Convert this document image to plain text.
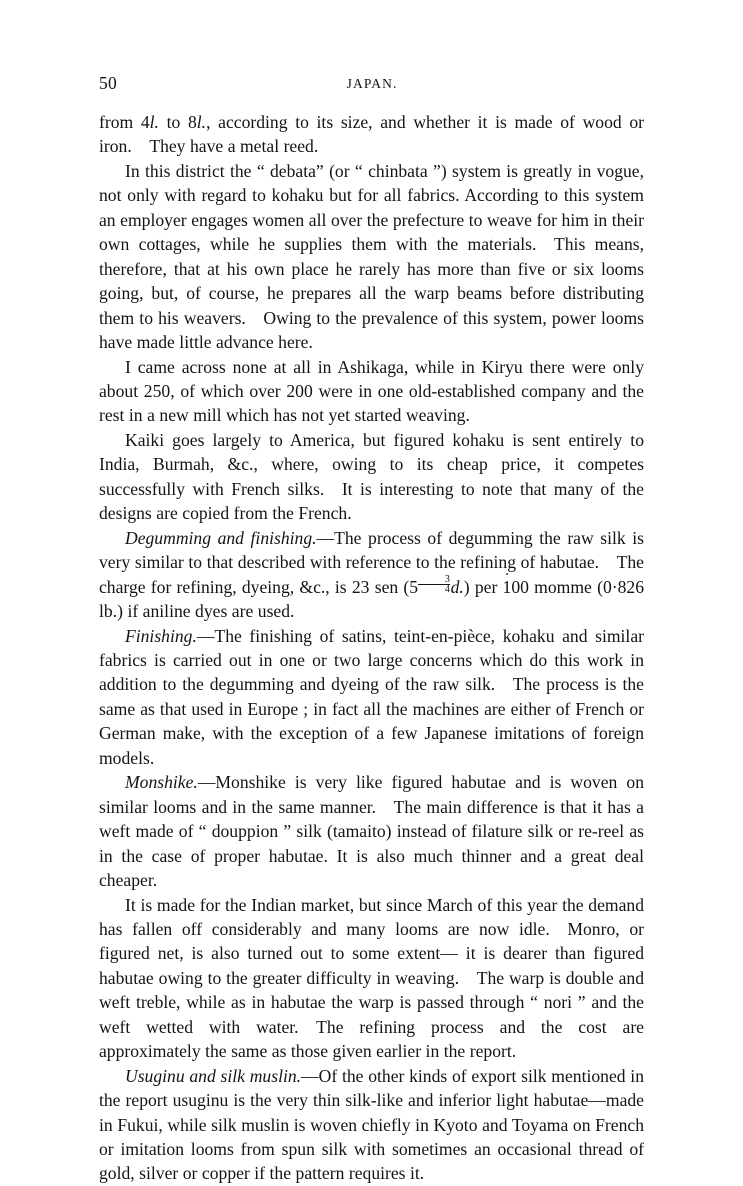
50	JAPAN.

from 4l. to 8l., according to its size, and whether it is made of wood or iron. They have a metal reed.

In this district the “ debata” (or “ chinbata ”) system is greatly in vogue, not only with regard to kohaku but for all fabrics. According to this system an employer engages women all over the prefecture to weave for him in their own cottages, while he supplies them with the materials. This means, therefore, that at his own place he rarely has more than five or six looms going, but, of course, he prepares all the warp beams before distributing them to his weavers. Owing to the prevalence of this system, power looms have made little advance here.

I came across none at all in Ashikaga, while in Kiryu there were only about 250, of which over 200 were in one old-established company and the rest in a new mill which has not yet started weaving.

Kaiki goes largely to America, but figured kohaku is sent entirely to India, Burmah, &c., where, owing to its cheap price, it competes successfully with French silks. It is interesting to note that many of the designs are copied from the French.

Degumming and finishing.—The process of degumming the raw silk is very similar to that described with reference to the refining of habutae. The charge for refining, dyeing, &c., is 23 sen $(5 \frac{3}{4} d.)$ per 100 momme (0·826 lb.) if aniline dyes are used.

Finishing.—The finishing of satins, teint-en-pièce, kohaku and similar fabrics is carried out in one or two large concerns which do this work in addition to the degumming and dyeing of the raw silk. The process is the same as that used in Europe ; in fact all the machines are either of French or German make, with the exception of a few Japanese imitations of foreign models.

Monshike.—Monshike is very like figured habutae and is woven on similar looms and in the same manner. The main difference is that it has a weft made of “ douppion ” silk (tamaito) instead of filature silk or re-reel as in the case of proper habutae. It is also much thinner and a great deal cheaper.

It is made for the Indian market, but since March of this year the demand has fallen off considerably and many looms are now idle. Monro, or figured net, is also turned out to some extent— it is dearer than figured habutae owing to the greater difficulty in weaving. The warp is double and weft treble, while as in habutae the warp is passed through “ nori ” and the weft wetted with water. The refining process and the cost are approximately the same as those given earlier in the report.

Usuginu and silk muslin.—Of the other kinds of export silk mentioned in the report usuginu is the very thin silk-like and inferior light habutae—made in Fukui, while silk muslin is woven chiefly in Kyoto and Toyama on French or imitation looms from spun silk with sometimes an occasional thread of gold, silver or copper if the pattern requires it.
